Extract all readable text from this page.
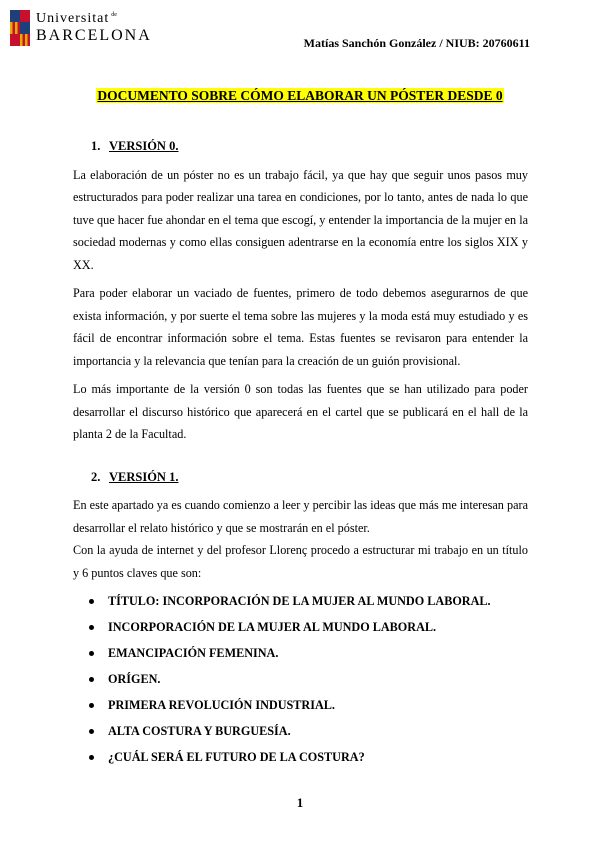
Universitat $^{de}$
BARCELONA	Matías Sanchón González / NIUB: 20760611
DOCUMENTO SOBRE CÓMO ELABORAR UN PÓSTER DESDE 0
1. VERSIÓN 0.

La elaboración de un póster no es un trabajo fácil, ya que hay que seguir unos pasos muy estructurados para poder realizar una tarea en condiciones, por lo tanto, antes de nada lo que tuve que hacer fue ahondar en el tema que escogí, y entender la importancia de la mujer en la sociedad modernas y como ellas consiguen adentrarse en la economía entre los siglos XIX y XX.

Para poder elaborar un vaciado de fuentes, primero de todo debemos asegurarnos de que exista información, y por suerte el tema sobre las mujeres y la moda está muy estudiado y es fácil de encontrar información sobre el tema. Estas fuentes se revisaron para entender la importancia y la relevancia que tenían para la creación de un guión provisional.

Lo más importante de la versión 0 son todas las fuentes que se han utilizado para poder desarrollar el discurso histórico que aparecerá en el cartel que se publicará en el hall de la planta 2 de la Facultad.

2. VERSIÓN 1.

En este apartado ya es cuando comienzo a leer y percibir las ideas que más me interesan para desarrollar el relato histórico y que se mostrarán en el póster.

Con la ayuda de internet y del profesor Llorenç procedo a estructurar mi trabajo en un título y 6 puntos claves que son:

TÍTULO: INCORPORACIÓN DE LA MUJER AL MUNDO LABORAL.
INCORPORACIÓN DE LA MUJER AL MUNDO LABORAL.
EMANCIPACIÓN FEMENINA.
ORÍGEN.
PRIMERA REVOLUCIÓN INDUSTRIAL.
ALTA COSTURA Y BURGUESÍA.
¿CUÁL SERÁ EL FUTURO DE LA COSTURA?
1
